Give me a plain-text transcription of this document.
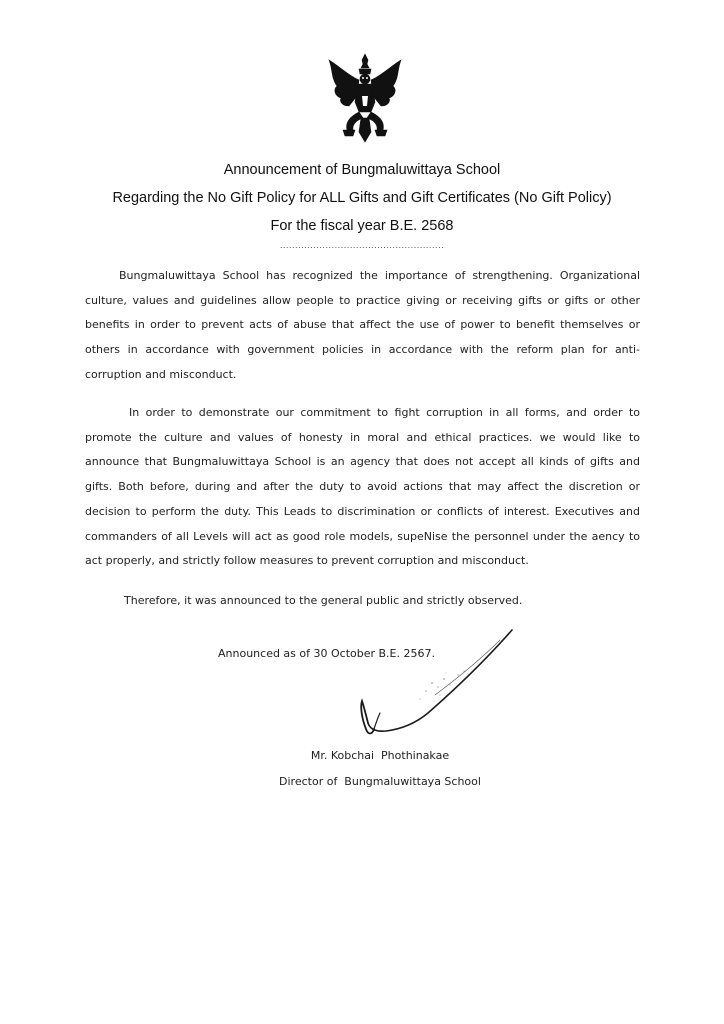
Announcement of Bungmaluwittaya School
Regarding the No Gift Policy for ALL Gifts and Gift Certificates (No Gift Policy)
For the fiscal year B.E. 2568
......................................................

Bungmaluwittaya School has recognized the importance of strengthening. Organizational culture, values and guidelines allow people to practice giving or receiving gifts or gifts or other benefits in order to prevent acts of abuse that affect the use of power to benefit themselves or others in accordance with government policies in accordance with the reform plan for anti-corruption and misconduct.

In order to demonstrate our commitment to fight corruption in all forms, and order to promote the culture and values of honesty in moral and ethical practices. we would like to announce that Bungmaluwittaya School is an agency that does not accept all kinds of gifts and gifts. Both before, during and after the duty to avoid actions that may affect the discretion or decision to perform the duty. This Leads to discrimination or conflicts of interest. Executives and commanders of all Levels will act as good role models, supeNise the personnel under the aency to act properly, and strictly follow measures to prevent corruption and misconduct.

Therefore, it was announced to the general public and strictly observed.
Announced as of 30 October B.E. 2567.
Mr. Kobchai  Phothinakae
Director of  Bungmaluwittaya School
